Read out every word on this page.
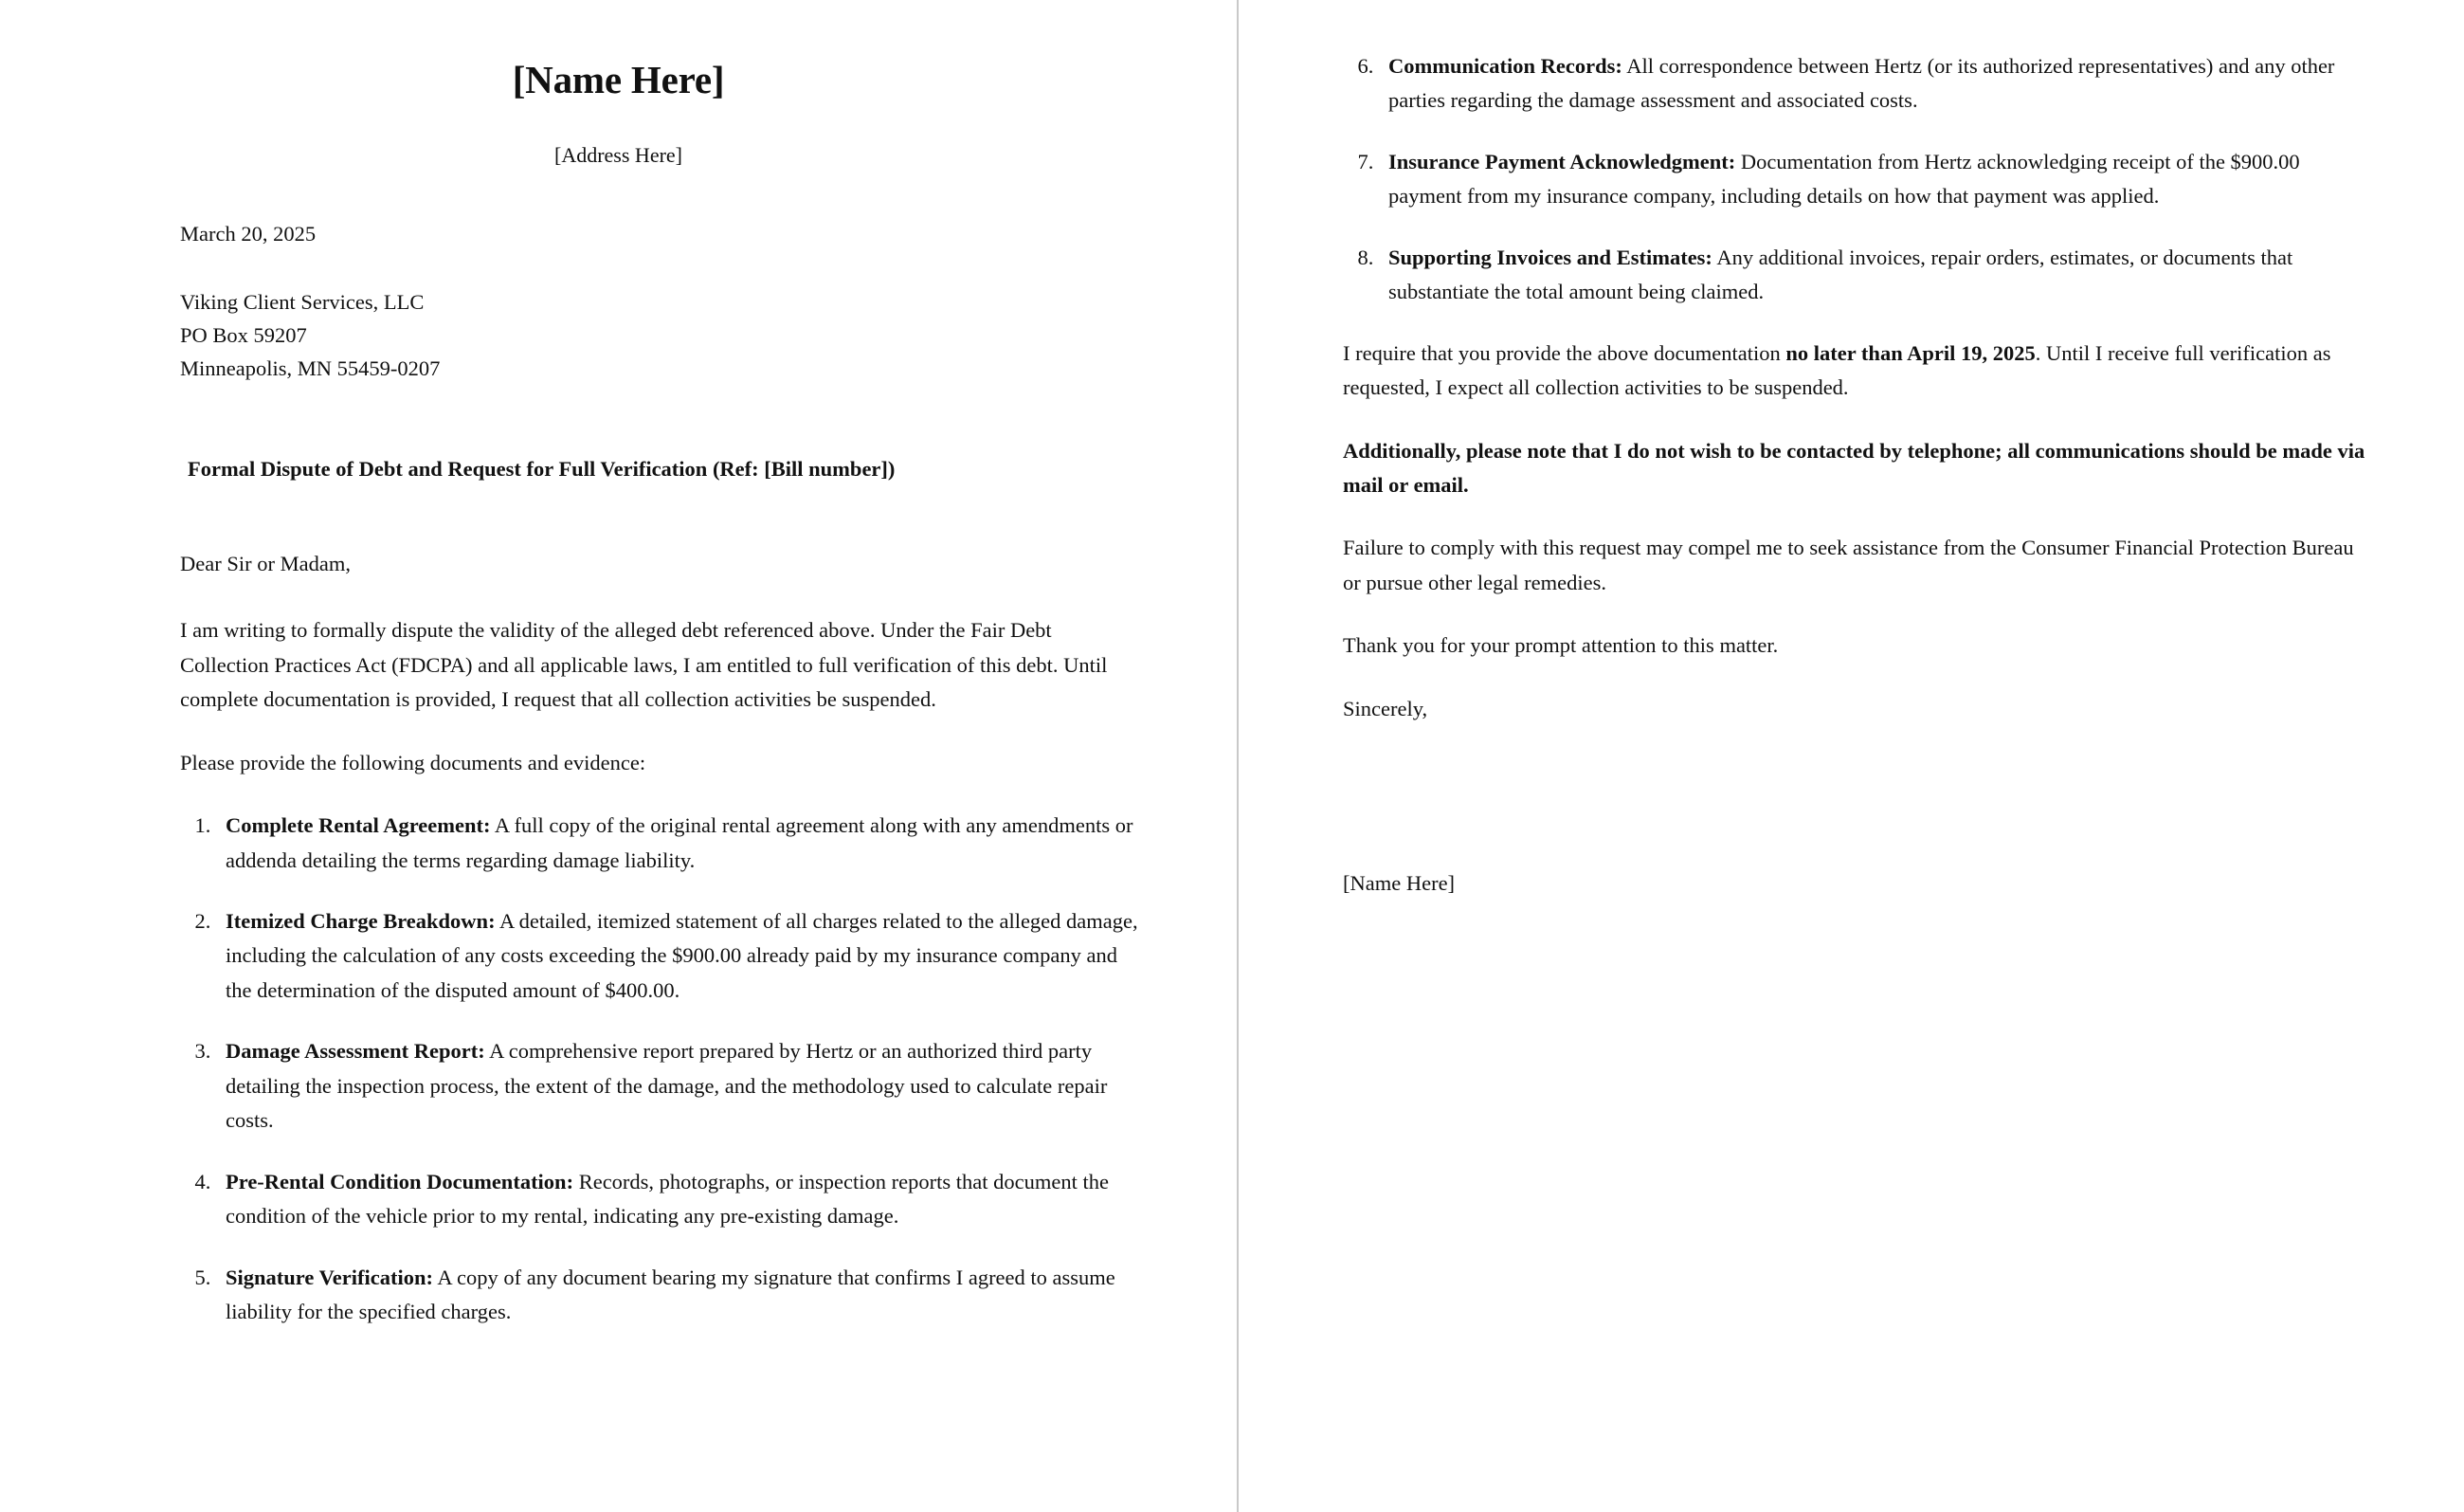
[Name Here]
[Address Here]
March 20, 2025
Viking Client Services, LLC
PO Box 59207
Minneapolis, MN 55459-0207
Formal Dispute of Debt and Request for Full Verification (Ref: [Bill number])
Dear Sir or Madam,

I am writing to formally dispute the validity of the alleged debt referenced above. Under the Fair Debt Collection Practices Act (FDCPA) and all applicable laws, I am entitled to full verification of this debt. Until complete documentation is provided, I request that all collection activities be suspended.

Please provide the following documents and evidence:

1. Complete Rental Agreement: A full copy of the original rental agreement along with any amendments or addenda detailing the terms regarding damage liability.
2. Itemized Charge Breakdown: A detailed, itemized statement of all charges related to the alleged damage, including the calculation of any costs exceeding the $900.00 already paid by my insurance company and the determination of the disputed amount of $400.00.
3. Damage Assessment Report: A comprehensive report prepared by Hertz or an authorized third party detailing the inspection process, the extent of the damage, and the methodology used to calculate repair costs.
4. Pre-Rental Condition Documentation: Records, photographs, or inspection reports that document the condition of the vehicle prior to my rental, indicating any pre-existing damage.
5. Signature Verification: A copy of any document bearing my signature that confirms I agreed to assume liability for the specified charges.
6. Communication Records: All correspondence between Hertz (or its authorized representatives) and any other parties regarding the damage assessment and associated costs.
7. Insurance Payment Acknowledgment: Documentation from Hertz acknowledging receipt of the $900.00 payment from my insurance company, including details on how that payment was applied.
8. Supporting Invoices and Estimates: Any additional invoices, repair orders, estimates, or documents that substantiate the total amount being claimed.

I require that you provide the above documentation no later than April 19, 2025. Until I receive full verification as requested, I expect all collection activities to be suspended.

Additionally, please note that I do not wish to be contacted by telephone; all communications should be made via mail or email.

Failure to comply with this request may compel me to seek assistance from the Consumer Financial Protection Bureau or pursue other legal remedies.

Thank you for your prompt attention to this matter.

Sincerely,

[Name Here]
